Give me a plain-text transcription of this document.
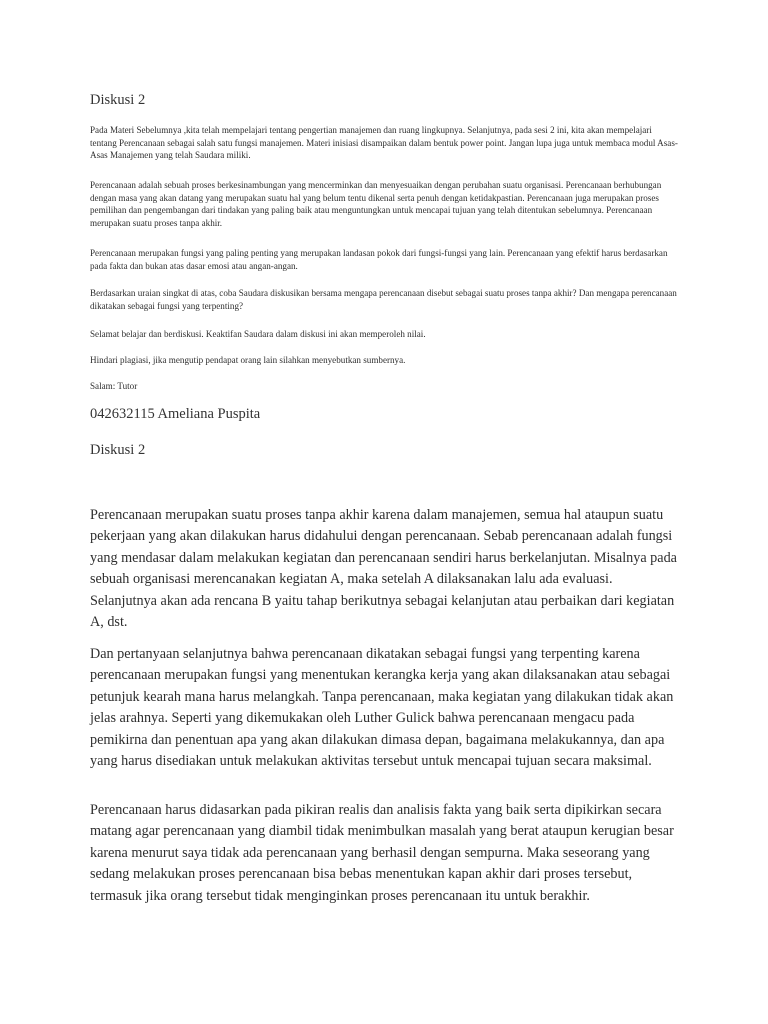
Diskusi 2

Pada Materi Sebelumnya ,kita telah mempelajari tentang pengertian manajemen dan ruang lingkupnya. Selanjutnya, pada sesi 2 ini, kita akan mempelajari tentang Perencanaan sebagai salah satu fungsi manajemen. Materi inisiasi disampaikan dalam bentuk power point. Jangan lupa juga untuk membaca modul Asas-Asas Manajemen yang telah Saudara miliki.

Perencanaan adalah sebuah proses berkesinambungan yang mencerminkan dan menyesuaikan dengan perubahan suatu organisasi. Perencanaan berhubungan dengan masa yang akan datang yang merupakan suatu hal yang belum tentu dikenal serta penuh dengan ketidakpastian. Perencanaan juga merupakan proses pemilihan dan pengembangan dari tindakan yang paling baik atau menguntungkan untuk mencapai tujuan yang telah ditentukan sebelumnya. Perencanaan merupakan suatu proses tanpa akhir.

Perencanaan merupakan fungsi yang paling penting yang merupakan landasan pokok dari fungsi-fungsi yang lain. Perencanaan yang efektif harus berdasarkan pada fakta dan bukan atas dasar emosi atau angan-angan.

Berdasarkan uraian singkat di atas, coba Saudara diskusikan bersama mengapa perencanaan disebut sebagai suatu proses tanpa akhir? Dan mengapa perencanaan dikatakan sebagai fungsi yang terpenting?

Selamat belajar dan berdiskusi. Keaktifan Saudara dalam diskusi ini akan memperoleh nilai.

Hindari plagiasi, jika mengutip pendapat orang lain silahkan menyebutkan sumbernya.

Salam: Tutor

042632115 Ameliana Puspita
Diskusi 2

Perencanaan merupakan suatu proses tanpa akhir karena dalam manajemen, semua hal ataupun suatu pekerjaan yang akan dilakukan harus didahului dengan perencanaan. Sebab perencanaan adalah fungsi yang mendasar dalam melakukan kegiatan dan perencanaan sendiri harus berkelanjutan. Misalnya pada sebuah organisasi merencanakan kegiatan A, maka setelah A dilaksanakan lalu ada evaluasi. Selanjutnya akan ada rencana B yaitu tahap berikutnya sebagai kelanjutan atau perbaikan dari kegiatan A, dst.

Dan pertanyaan selanjutnya bahwa perencanaan dikatakan sebagai fungsi yang terpenting karena perencanaan merupakan fungsi yang menentukan kerangka kerja yang akan dilaksanakan atau sebagai petunjuk kearah mana harus melangkah. Tanpa perencanaan, maka kegiatan yang dilakukan tidak akan jelas arahnya. Seperti yang dikemukakan oleh Luther Gulick bahwa perencanaan mengacu pada pemikirna dan penentuan apa yang akan dilakukan dimasa depan, bagaimana melakukannya, dan apa yang harus disediakan untuk melakukan aktivitas tersebut untuk mencapai tujuan secara maksimal.

Perencanaan harus didasarkan pada pikiran realis dan analisis fakta yang baik serta dipikirkan secara matang agar perencanaan yang diambil tidak menimbulkan masalah yang berat ataupun kerugian besar karena menurut saya tidak ada perencanaan yang berhasil dengan sempurna. Maka seseorang yang sedang melakukan proses perencanaan bisa bebas menentukan kapan akhir dari proses tersebut, termasuk jika orang tersebut tidak menginginkan proses perencanaan itu untuk berakhir.
